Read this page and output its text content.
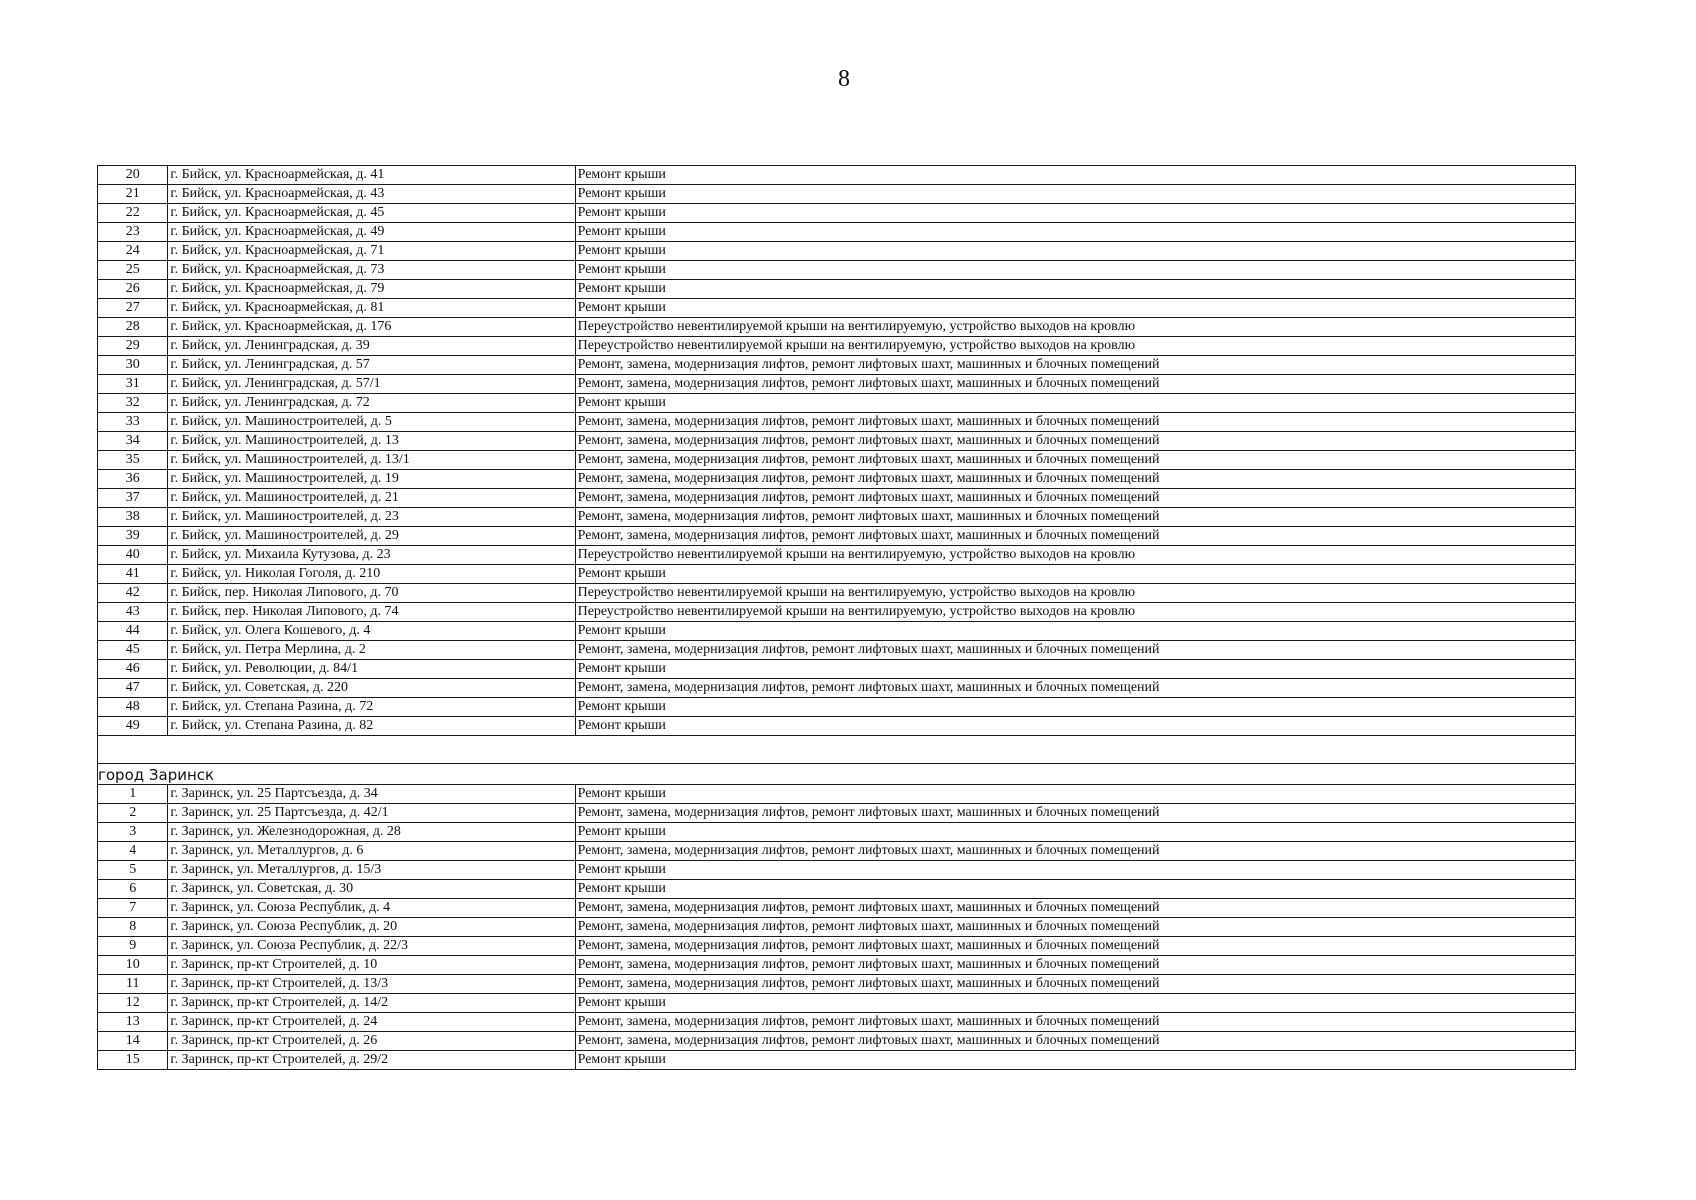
8
20	г. Бийск, ул. Красноармейская, д. 41	Ремонт крыши
21	г. Бийск, ул. Красноармейская, д. 43	Ремонт крыши
22	г. Бийск, ул. Красноармейская, д. 45	Ремонт крыши
23	г. Бийск, ул. Красноармейская, д. 49	Ремонт крыши
24	г. Бийск, ул. Красноармейская, д. 71	Ремонт крыши
25	г. Бийск, ул. Красноармейская, д. 73	Ремонт крыши
26	г. Бийск, ул. Красноармейская, д. 79	Ремонт крыши
27	г. Бийск, ул. Красноармейская, д. 81	Ремонт крыши
28	г. Бийск, ул. Красноармейская, д. 176	Переустройство невентилируемой крыши на вентилируемую, устройство выходов на кровлю
29	г. Бийск, ул. Ленинградская, д. 39	Переустройство невентилируемой крыши на вентилируемую, устройство выходов на кровлю
30	г. Бийск, ул. Ленинградская, д. 57	Ремонт, замена, модернизация лифтов, ремонт лифтовых шахт, машинных и блочных помещений
31	г. Бийск, ул. Ленинградская, д. 57/1	Ремонт, замена, модернизация лифтов, ремонт лифтовых шахт, машинных и блочных помещений
32	г. Бийск, ул. Ленинградская, д. 72	Ремонт крыши
33	г. Бийск, ул. Машиностроителей, д. 5	Ремонт, замена, модернизация лифтов, ремонт лифтовых шахт, машинных и блочных помещений
34	г. Бийск, ул. Машиностроителей, д. 13	Ремонт, замена, модернизация лифтов, ремонт лифтовых шахт, машинных и блочных помещений
35	г. Бийск, ул. Машиностроителей, д. 13/1	Ремонт, замена, модернизация лифтов, ремонт лифтовых шахт, машинных и блочных помещений
36	г. Бийск, ул. Машиностроителей, д. 19	Ремонт, замена, модернизация лифтов, ремонт лифтовых шахт, машинных и блочных помещений
37	г. Бийск, ул. Машиностроителей, д. 21	Ремонт, замена, модернизация лифтов, ремонт лифтовых шахт, машинных и блочных помещений
38	г. Бийск, ул. Машиностроителей, д. 23	Ремонт, замена, модернизация лифтов, ремонт лифтовых шахт, машинных и блочных помещений
39	г. Бийск, ул. Машиностроителей, д. 29	Ремонт, замена, модернизация лифтов, ремонт лифтовых шахт, машинных и блочных помещений
40	г. Бийск, ул. Михаила Кутузова, д. 23	Переустройство невентилируемой крыши на вентилируемую, устройство выходов на кровлю
41	г. Бийск, ул. Николая Гоголя, д. 210	Ремонт крыши
42	г. Бийск, пер. Николая Липового, д. 70	Переустройство невентилируемой крыши на вентилируемую, устройство выходов на кровлю
43	г. Бийск, пер. Николая Липового, д. 74	Переустройство невентилируемой крыши на вентилируемую, устройство выходов на кровлю
44	г. Бийск, ул. Олега Кошевого, д. 4	Ремонт крыши
45	г. Бийск, ул. Петра Мерлина, д. 2	Ремонт, замена, модернизация лифтов, ремонт лифтовых шахт, машинных и блочных помещений
46	г. Бийск, ул. Революции, д. 84/1	Ремонт крыши
47	г. Бийск, ул. Советская, д. 220	Ремонт, замена, модернизация лифтов, ремонт лифтовых шахт, машинных и блочных помещений
48	г. Бийск, ул. Степана Разина, д. 72	Ремонт крыши
49	г. Бийск, ул. Степана Разина, д. 82	Ремонт крыши

город Заринск		
1	г. Заринск, ул. 25 Партсъезда, д. 34	Ремонт крыши
2	г. Заринск, ул. 25 Партсъезда, д. 42/1	Ремонт, замена, модернизация лифтов, ремонт лифтовых шахт, машинных и блочных помещений
3	г. Заринск, ул. Железнодорожная, д. 28	Ремонт крыши
4	г. Заринск, ул. Металлургов, д. 6	Ремонт, замена, модернизация лифтов, ремонт лифтовых шахт, машинных и блочных помещений
5	г. Заринск, ул. Металлургов, д. 15/3	Ремонт крыши
6	г. Заринск, ул. Советская, д. 30	Ремонт крыши
7	г. Заринск, ул. Союза Республик, д. 4	Ремонт, замена, модернизация лифтов, ремонт лифтовых шахт, машинных и блочных помещений
8	г. Заринск, ул. Союза Республик, д. 20	Ремонт, замена, модернизация лифтов, ремонт лифтовых шахт, машинных и блочных помещений
9	г. Заринск, ул. Союза Республик, д. 22/3	Ремонт, замена, модернизация лифтов, ремонт лифтовых шахт, машинных и блочных помещений
10	г. Заринск, пр-кт Строителей, д. 10	Ремонт, замена, модернизация лифтов, ремонт лифтовых шахт, машинных и блочных помещений
11	г. Заринск, пр-кт Строителей, д. 13/3	Ремонт, замена, модернизация лифтов, ремонт лифтовых шахт, машинных и блочных помещений
12	г. Заринск, пр-кт Строителей, д. 14/2	Ремонт крыши
13	г. Заринск, пр-кт Строителей, д. 24	Ремонт, замена, модернизация лифтов, ремонт лифтовых шахт, машинных и блочных помещений
14	г. Заринск, пр-кт Строителей, д. 26	Ремонт, замена, модернизация лифтов, ремонт лифтовых шахт, машинных и блочных помещений
15	г. Заринск, пр-кт Строителей, д. 29/2	Ремонт крыши
